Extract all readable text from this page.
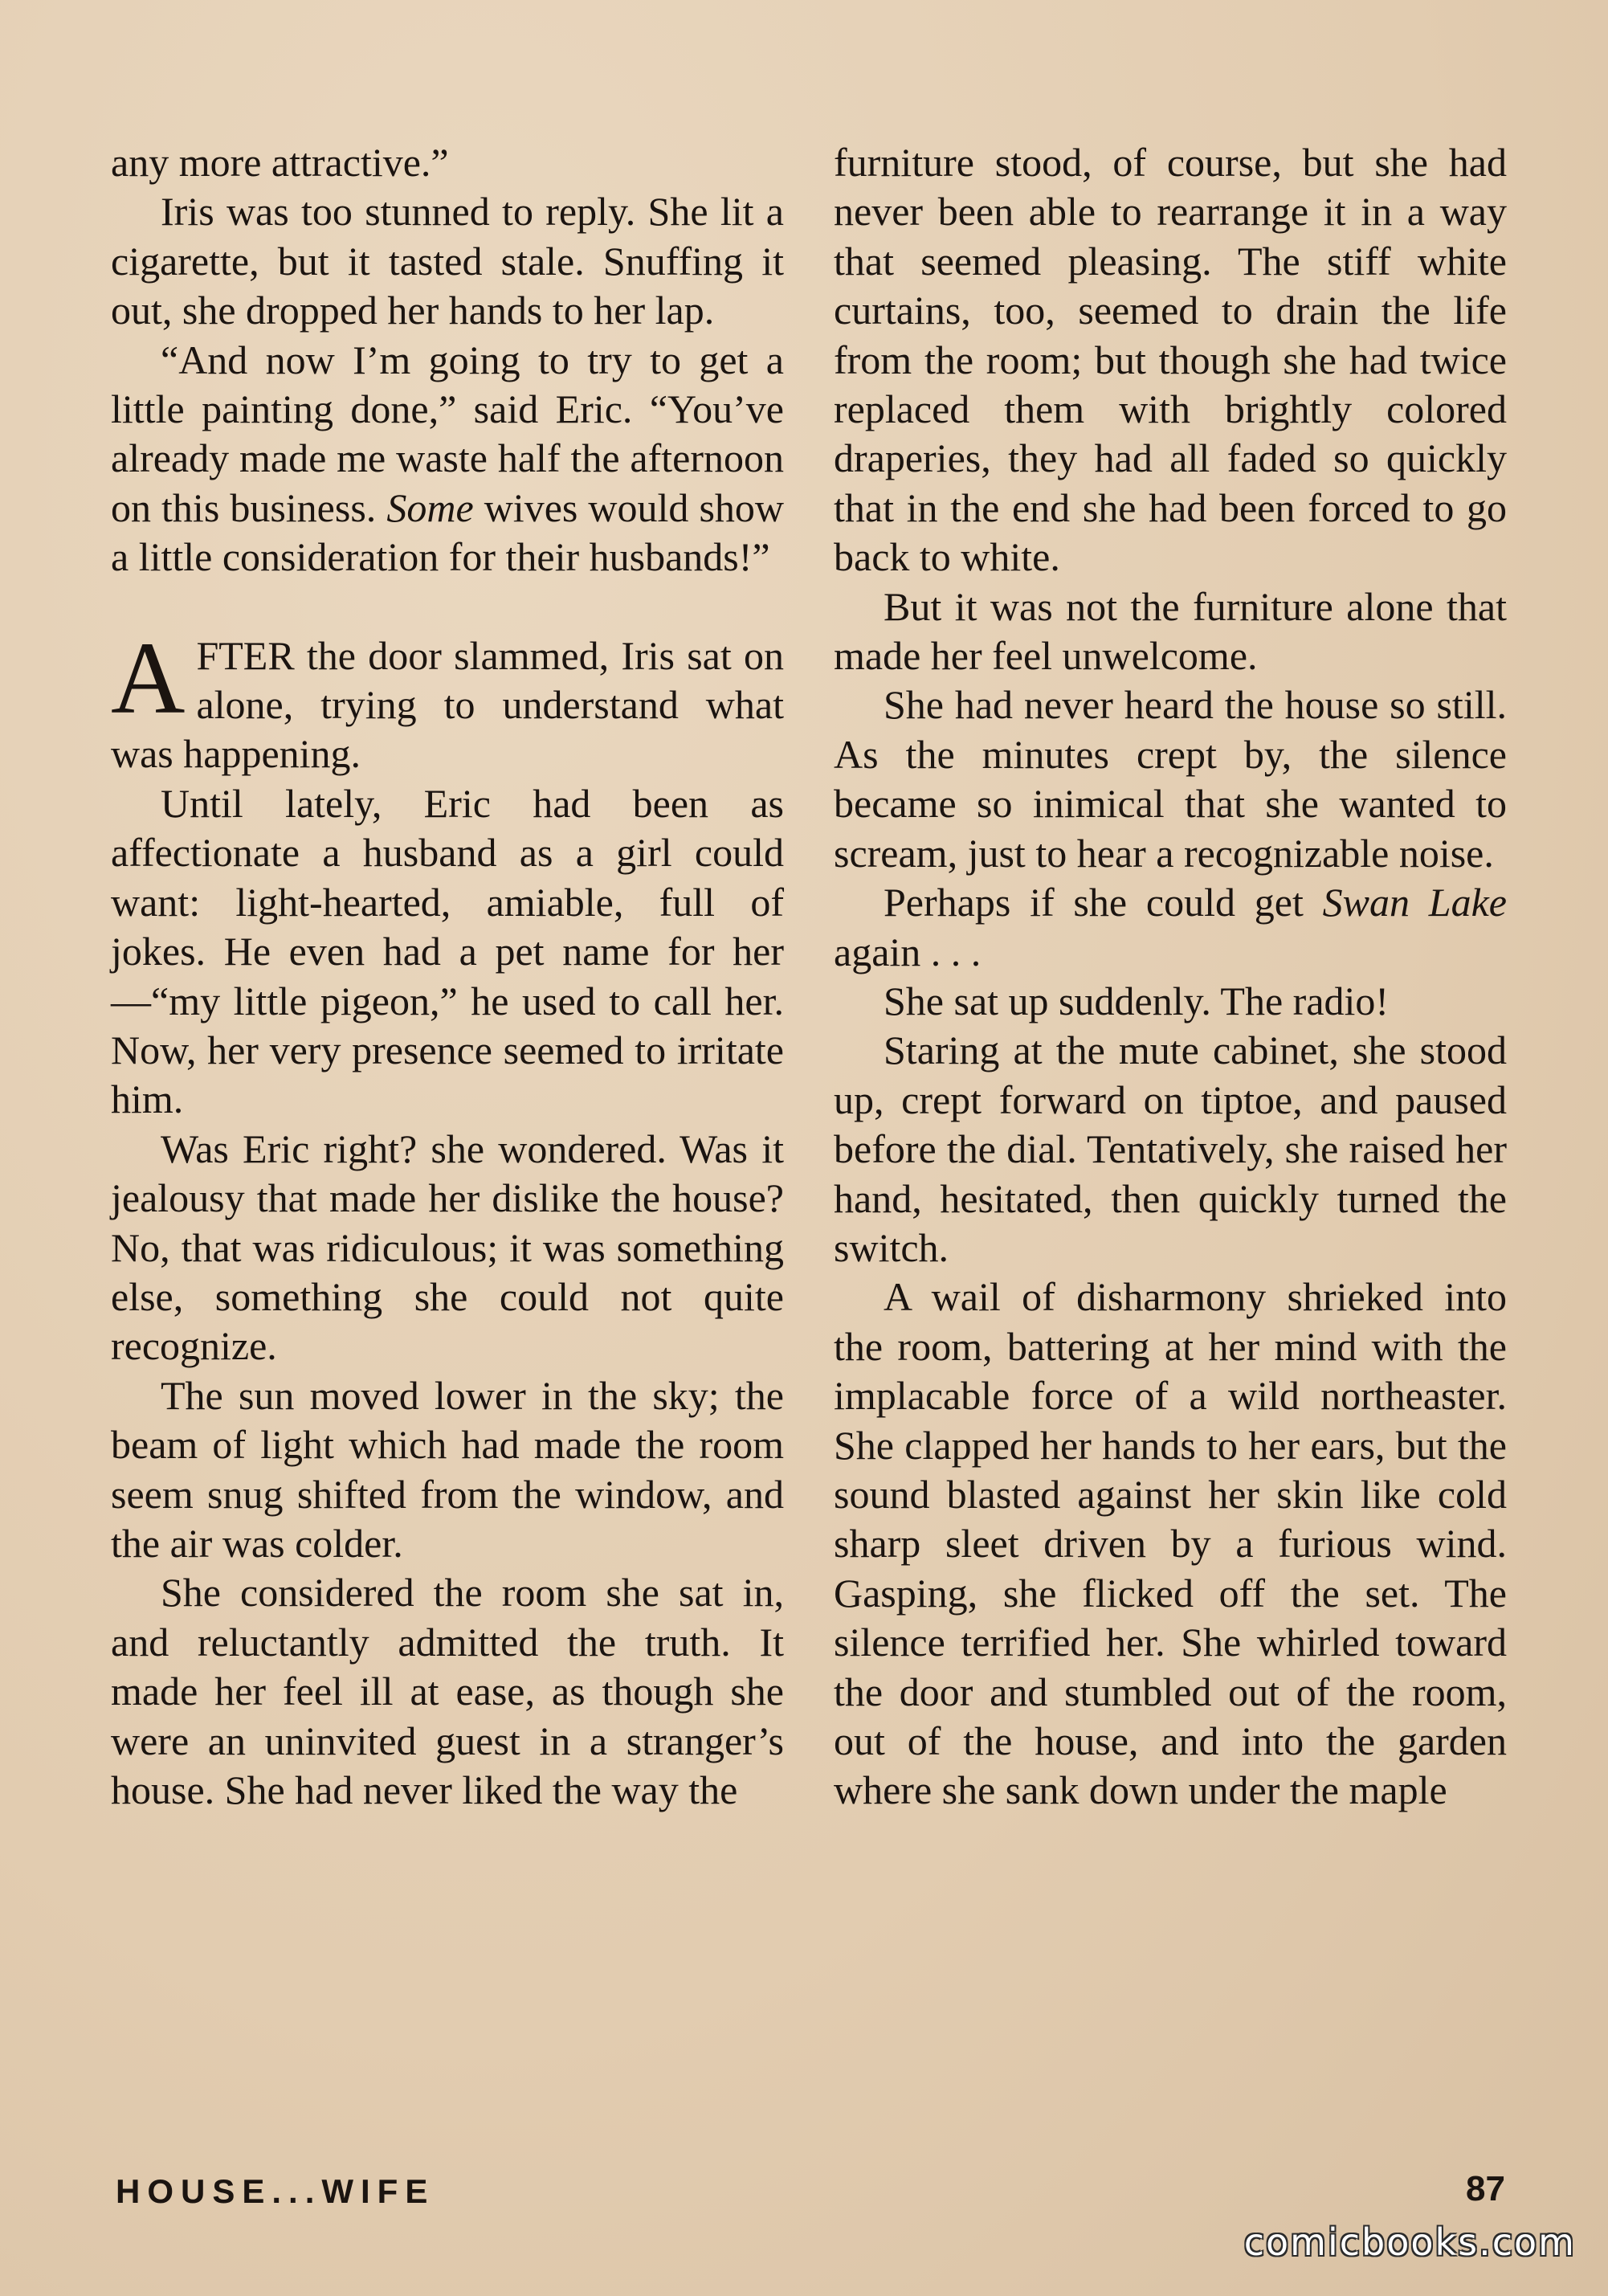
any more attractive.”

Iris was too stunned to reply. She lit a cigarette, but it tasted stale. Snuffing it out, she dropped her hands to her lap.

“And now I’m going to try to get a little painting done,” said Eric. “You’ve already made me waste half the afternoon on this business. Some wives would show a little consideration for their husbands!”

AFTER the door slammed, Iris sat on alone, trying to understand what was happening.

Until lately, Eric had been as affectionate a husband as a girl could want: light-hearted, amiable, full of jokes. He even had a pet name for her—“my little pigeon,” he used to call her. Now, her very presence seemed to irritate him.

Was Eric right? she wondered. Was it jealousy that made her dislike the house? No, that was ridiculous; it was something else, something she could not quite recognize.

The sun moved lower in the sky; the beam of light which had made the room seem snug shifted from the window, and the air was colder.

She considered the room she sat in, and reluctantly admitted the truth. It made her feel ill at ease, as though she were an uninvited guest in a stranger’s house. She had never liked the way the

furniture stood, of course, but she had never been able to rearrange it in a way that seemed pleasing. The stiff white curtains, too, seemed to drain the life from the room; but though she had twice replaced them with brightly colored draperies, they had all faded so quickly that in the end she had been forced to go back to white.

But it was not the furniture alone that made her feel unwelcome.

She had never heard the house so still. As the minutes crept by, the silence became so inimical that she wanted to scream, just to hear a recognizable noise.

Perhaps if she could get Swan Lake again . . .

She sat up suddenly. The radio!

Staring at the mute cabinet, she stood up, crept forward on tiptoe, and paused before the dial. Tentatively, she raised her hand, hesitated, then quickly turned the switch.

A wail of disharmony shrieked into the room, battering at her mind with the implacable force of a wild northeaster. She clapped her hands to her ears, but the sound blasted against her skin like cold sharp sleet driven by a furious wind. Gasping, she flicked off the set. The silence terrified her. She whirled toward the door and stumbled out of the room, out of the house, and into the garden where she sank down under the maple

HOUSE...WIFE	87
comicbooks.com
